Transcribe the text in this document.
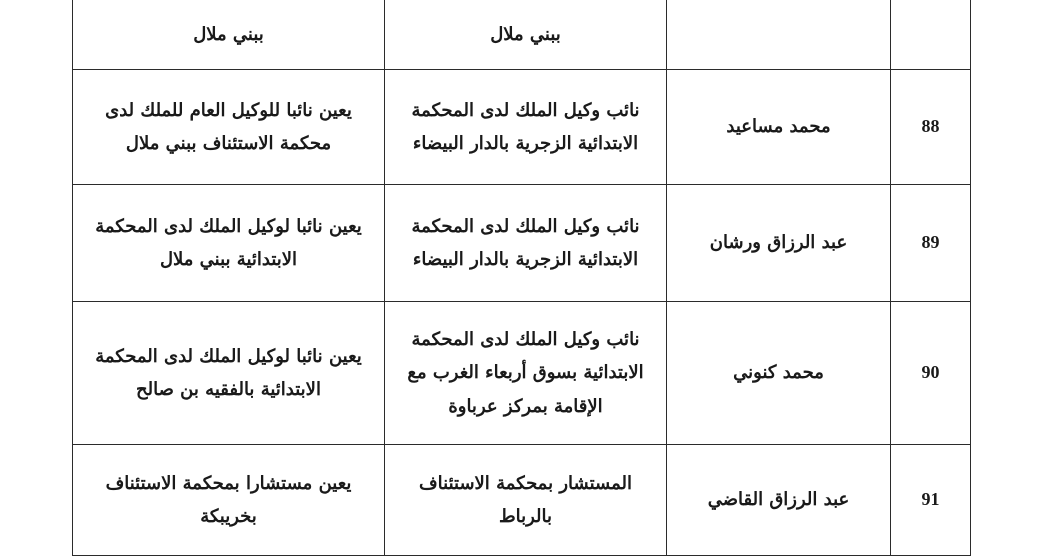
		ببني ملال	ببني ملال

88	محمد مساعيد	نائب وكيل الملك لدى المحكمة
الابتدائية الزجرية بالدار البيضاء	يعين نائبا للوكيل العام للملك لدى
محكمة الاستئناف ببني ملال

89	عبد الرزاق ورشان	نائب وكيل الملك لدى المحكمة
الابتدائية الزجرية بالدار البيضاء	يعين نائبا لوكيل الملك لدى المحكمة
الابتدائية ببني ملال

90	محمد كنوني	نائب وكيل الملك لدى المحكمة
الابتدائية بسوق أربعاء الغرب مع
الإقامة بمركز عرباوة	يعين نائبا لوكيل الملك لدى المحكمة
الابتدائية بالفقيه بن صالح

91	عبد الرزاق القاضي	المستشار بمحكمة الاستئناف
بالرباط	يعين مستشارا بمحكمة الاستئناف
بخريبكة
